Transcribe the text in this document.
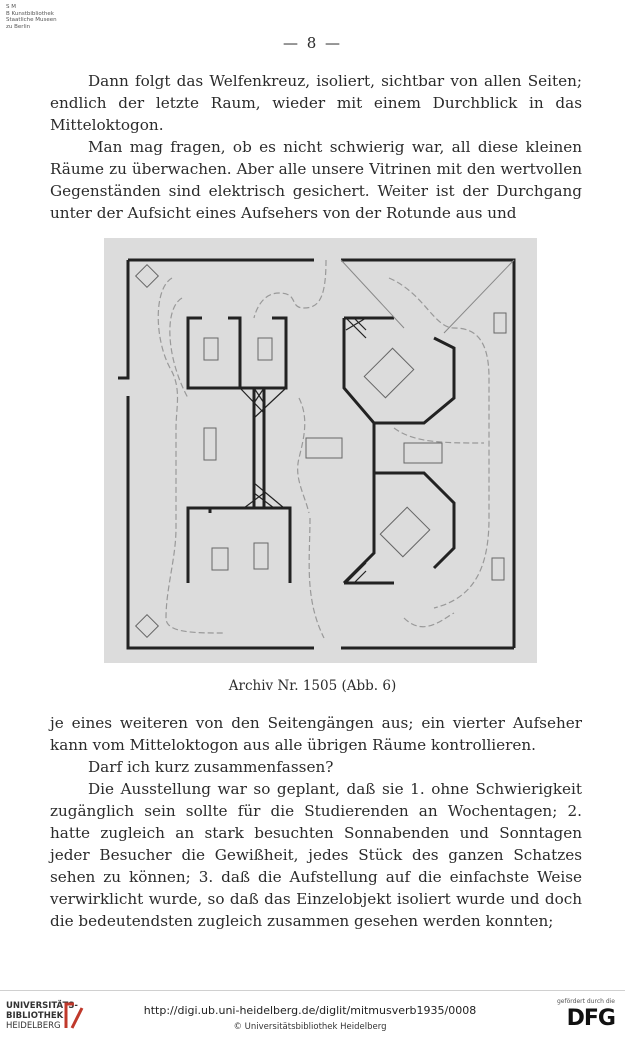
S M
B Kunstbibliothek
Staatliche Museen
zu Berlin
— 8 —

Dann folgt das Welfenkreuz, isoliert, sichtbar von allen Seiten; endlich der letzte Raum, wieder mit einem Durchblick in das Mitteloktogon.

Man mag fragen, ob es nicht schwierig war, all diese kleinen Räume zu überwachen. Aber alle unsere Vitrinen mit den wertvollen Gegenständen sind elektrisch gesichert. Weiter ist der Durchgang unter der Aufsicht eines Aufsehers von der Rotunde aus und

Archiv Nr. 1505 (Abb. 6)

je eines weiteren von den Seitengängen aus; ein vierter Aufseher kann vom Mitteloktogon aus alle übrigen Räume kontrollieren.

Darf ich kurz zusammenfassen?

Die Ausstellung war so geplant, daß sie 1. ohne Schwierigkeit zugänglich sein sollte für die Studierenden an Wochentagen; 2. hatte zugleich an stark besuchten Sonnabenden und Sonntagen jeder Besucher die Gewißheit, jedes Stück des ganzen Schatzes sehen zu können; 3. daß die Aufstellung auf die einfachste Weise verwirklicht wurde, so daß das Einzelobjekt isoliert wurde und doch die bedeutendsten zugleich zusammen gesehen werden konnten;

UNIVERSITÄTS-
BIBLIOTHEK
HEIDELBERG
http://digi.ub.uni-heidelberg.de/diglit/mitmusverb1935/0008
© Universitätsbibliothek Heidelberg
gefördert durch die
DFG
